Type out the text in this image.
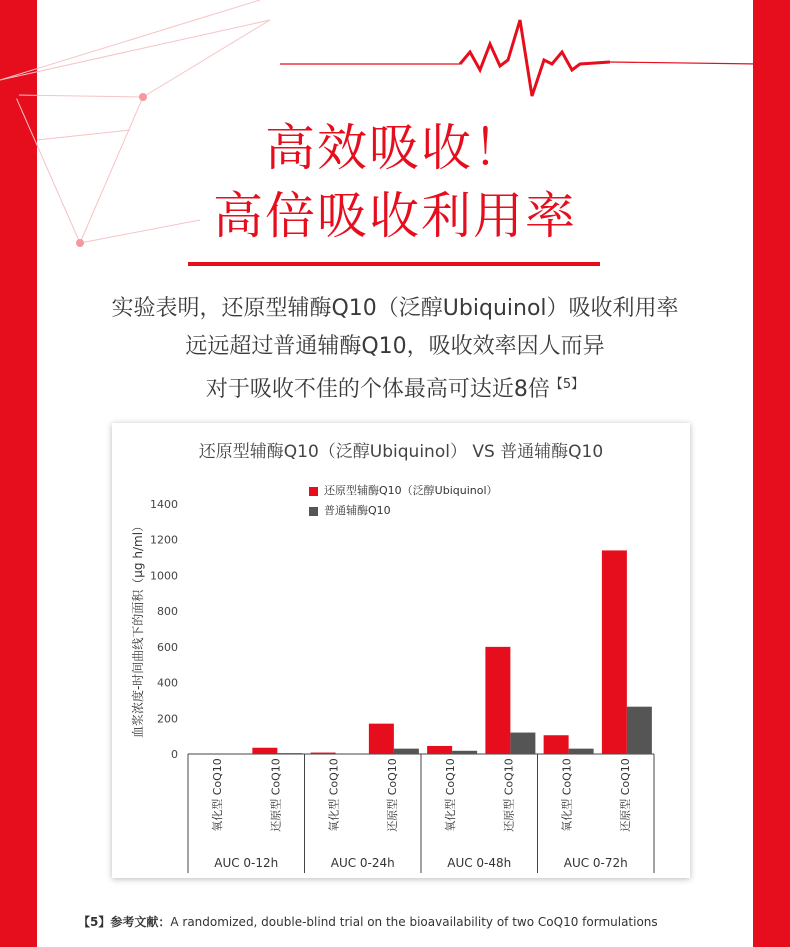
高效吸收！
高倍吸收利用率
实验表明，还原型辅酶Q10（泛醇Ubiquinol）吸收利用率
远远超过普通辅酶Q10，吸收效率因人而异
对于吸收不佳的个体最高可达近8倍$^{【5】}$
还原型辅酶Q10（泛醇Ubiquinol） VS 普通辅酶Q10
还原型辅酶Q10（泛醇Ubiquinol）
普通辅酶Q10
0
200
400
600
800
1000
1200
1400
血浆浓度-时间曲线下的面积（μg h/ml）
氧化型 CoQ10	还原型 CoQ10	氧化型 CoQ10	还原型 CoQ10	氧化型 CoQ10	还原型 CoQ10	氧化型 CoQ10	还原型 CoQ10
AUC 0-12h	AUC 0-24h	AUC 0-48h	AUC 0-72h
【5】参考文献：A randomized, double-blind trial on the bioavailability of two CoQ10 formulations
